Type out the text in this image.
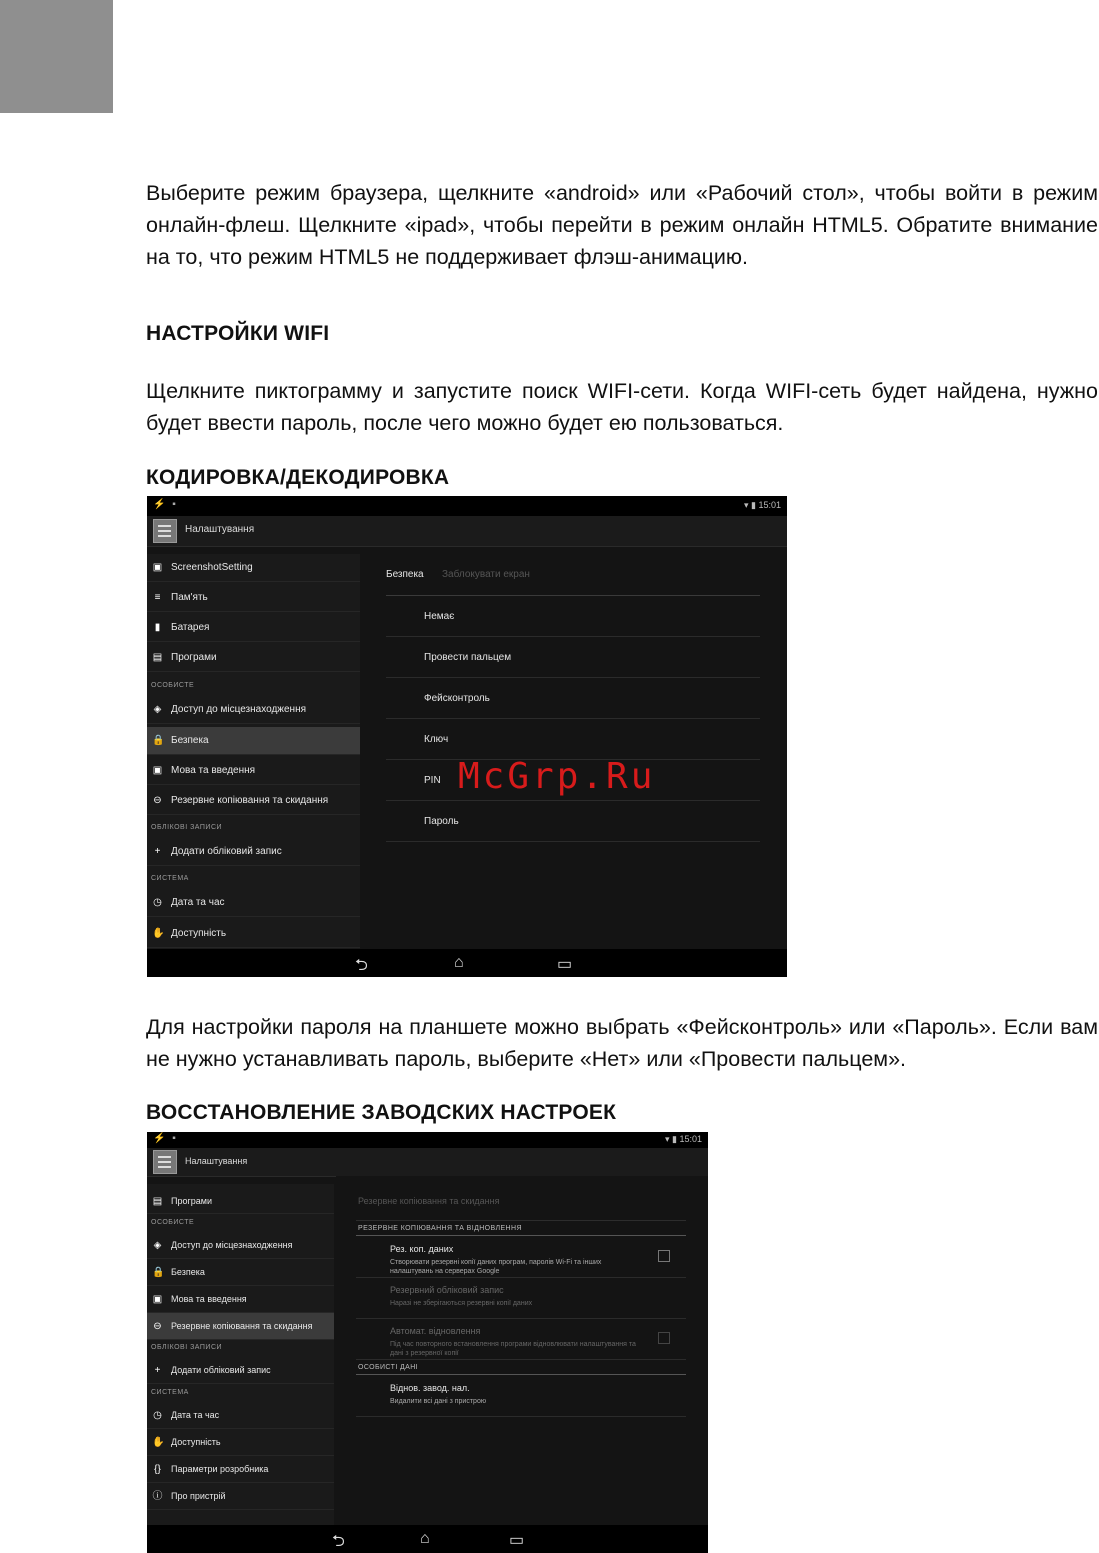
Выберите режим браузера, щелкните «android» или «Рабочий стол», чтобы войти в режим онлайн-флеш. Щелкните «ipad», чтобы перейти в режим онлайн HTML5. Обратите внимание на то, что режим HTML5 не поддерживает флэш-анимацию.

НАСТРОЙКИ WIFI

Щелкните пиктограмму и запустите поиск WIFI-сети. Когда WIFI-сеть будет найдена, нужно будет ввести пароль, после чего можно будет ею пользоваться.

КОДИРОВКА/ДЕКОДИРОВКА
⚡ ▪	▾ ▮ 15:01
Налаштування
▣ ScreenshotSetting
≡ Пам'ять
▮ Батарея
▤ Програми
ОСОБИСТЕ
◈ Доступ до місцезнаходження
🔒 Безпека
▣ Мова та введення
⊖ Резервне копіювання та скидання
ОБЛІКОВІ ЗАПИСИ
+ Додати обліковий запис
СИСТЕМА
◷ Дата та час
✋ Доступність
Безпека Заблокувати екран
Немає
Провести пальцем
Фейсконтроль
Ключ
PIN
Пароль
⮌	⌂	▭
McGrp.Ru

Для настройки пароля на планшете можно выбрать «Фейсконтроль» или «Пароль». Если вам не нужно устанавливать пароль, выберите «Нет» или «Провести пальцем».

ВОССТАНОВЛЕНИЕ ЗАВОДСКИХ НАСТРОЕК
⚡ ▪	▾ ▮ 15:01
Налаштування
▤ Програми
ОСОБИСТЕ
◈ Доступ до місцезнаходження
🔒 Безпека
▣ Мова та введення
⊖ Резервне копіювання та скидання
ОБЛІКОВІ ЗАПИСИ
+ Додати обліковий запис
СИСТЕМА
◷ Дата та час
✋ Доступність
{} Параметри розробника
ⓘ Про пристрій
Резервне копіювання та скидання
РЕЗЕРВНЕ КОПІЮВАННЯ ТА ВІДНОВЛЕННЯ
Рез. коп. даних
Створювати резервні копії даних програм, паролів Wi-Fi та інших налаштувань на серверах Google
Резервний обліковий запис
Наразі не зберігаються резервні копії даних
Автомат. відновлення
Під час повторного встановлення програми відновлювати налаштування та дані з резервної копії
ОСОБИСТІ ДАНІ
Віднов. завод. нал.
Видалити всі дані з пристрою
⮌	⌂	▭
